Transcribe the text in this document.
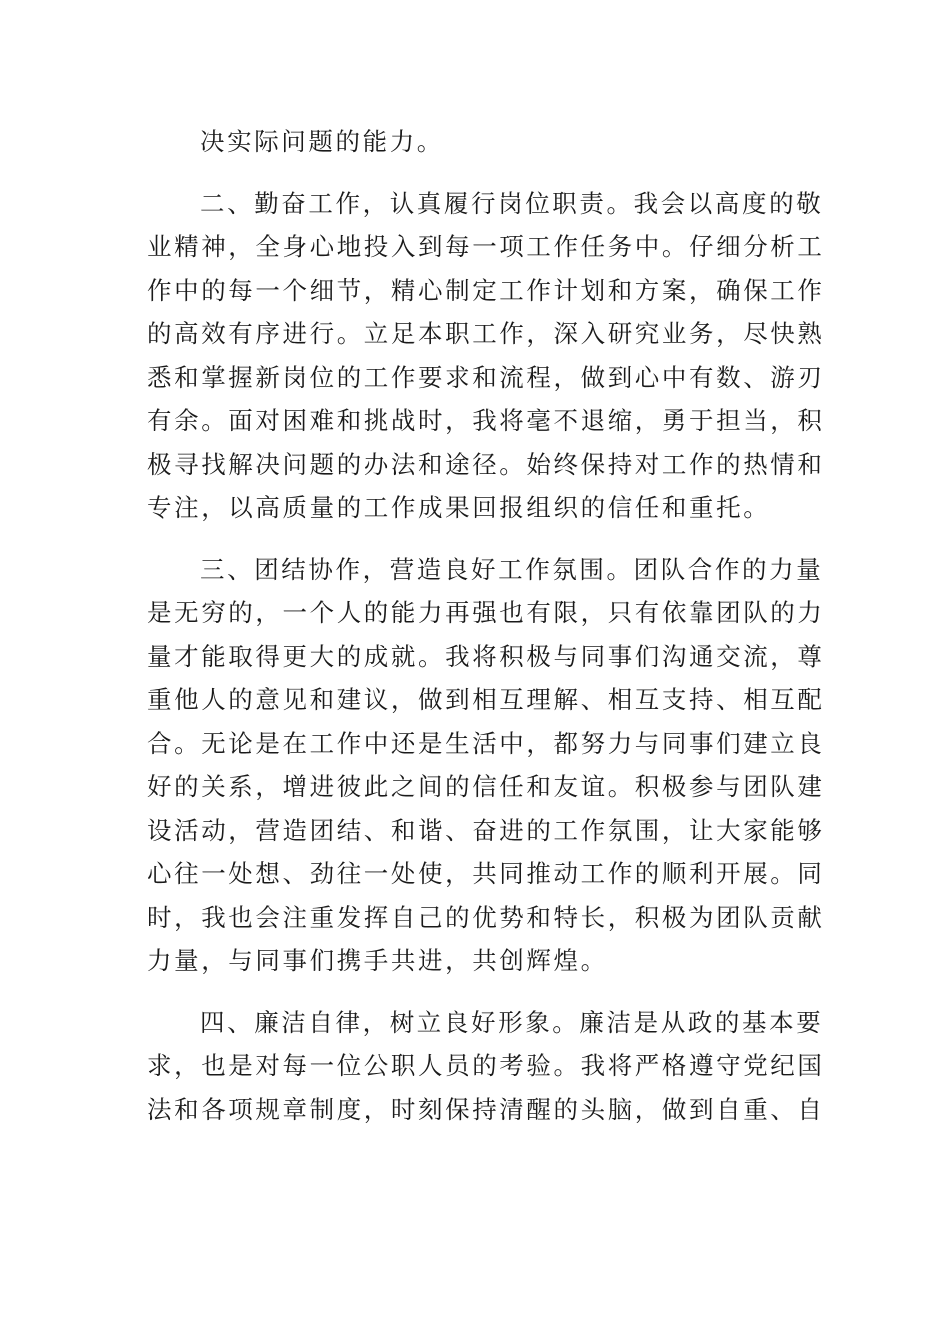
决实际问题的能力。
二、勤奋工作，认真履行岗位职责。我会以高度的敬
业精神，全身心地投入到每一项工作任务中。仔细分析工
作中的每一个细节，精心制定工作计划和方案，确保工作
的高效有序进行。立足本职工作，深入研究业务，尽快熟
悉和掌握新岗位的工作要求和流程，做到心中有数、游刃
有余。面对困难和挑战时，我将毫不退缩，勇于担当，积
极寻找解决问题的办法和途径。始终保持对工作的热情和
专注，以高质量的工作成果回报组织的信任和重托。
三、团结协作，营造良好工作氛围。团队合作的力量
是无穷的，一个人的能力再强也有限，只有依靠团队的力
量才能取得更大的成就。我将积极与同事们沟通交流，尊
重他人的意见和建议，做到相互理解、相互支持、相互配
合。无论是在工作中还是生活中，都努力与同事们建立良
好的关系，增进彼此之间的信任和友谊。积极参与团队建
设活动，营造团结、和谐、奋进的工作氛围，让大家能够
心往一处想、劲往一处使，共同推动工作的顺利开展。同
时，我也会注重发挥自己的优势和特长，积极为团队贡献
力量，与同事们携手共进，共创辉煌。
四、廉洁自律，树立良好形象。廉洁是从政的基本要
求，也是对每一位公职人员的考验。我将严格遵守党纪国
法和各项规章制度，时刻保持清醒的头脑，做到自重、自
